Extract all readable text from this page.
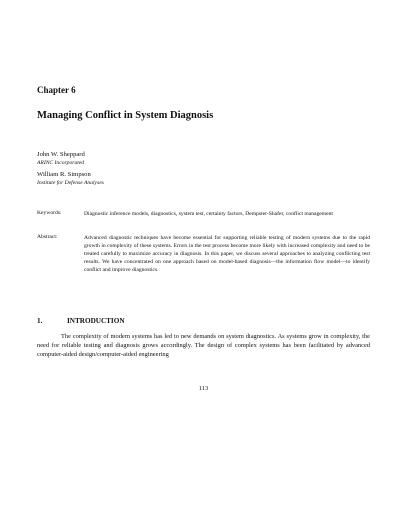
Chapter 6
Managing Conflict in System Diagnosis
John W. Sheppard
ARINC Incorporated
William R. Simpson
Institute for Defense Analyses
Keywords:	Diagnostic inference models, diagnostics, system test, certainty factors, Dempster-Shafer, conflict management
Abstract:	Advanced diagnostic techniques have become essential for supporting reliable testing of modern systems due to the rapid growth in complexity of these systems. Errors in the test process become more likely with increased complexity and need to be treated carefully to maximize accuracy in diagnosis. In this paper, we discuss several approaches to analyzing conflicting test results. We have concentrated on one approach based on model-based diagnosis—the information flow model—to identify conflict and improve diagnostics.
1.	INTRODUCTION
The complexity of modern systems has led to new demands on system diagnostics. As systems grow in complexity, the need for reliable testing and diagnosis grows accordingly. The design of complex systems has been facilitated by advanced computer-aided design/computer-aided engineering
113
